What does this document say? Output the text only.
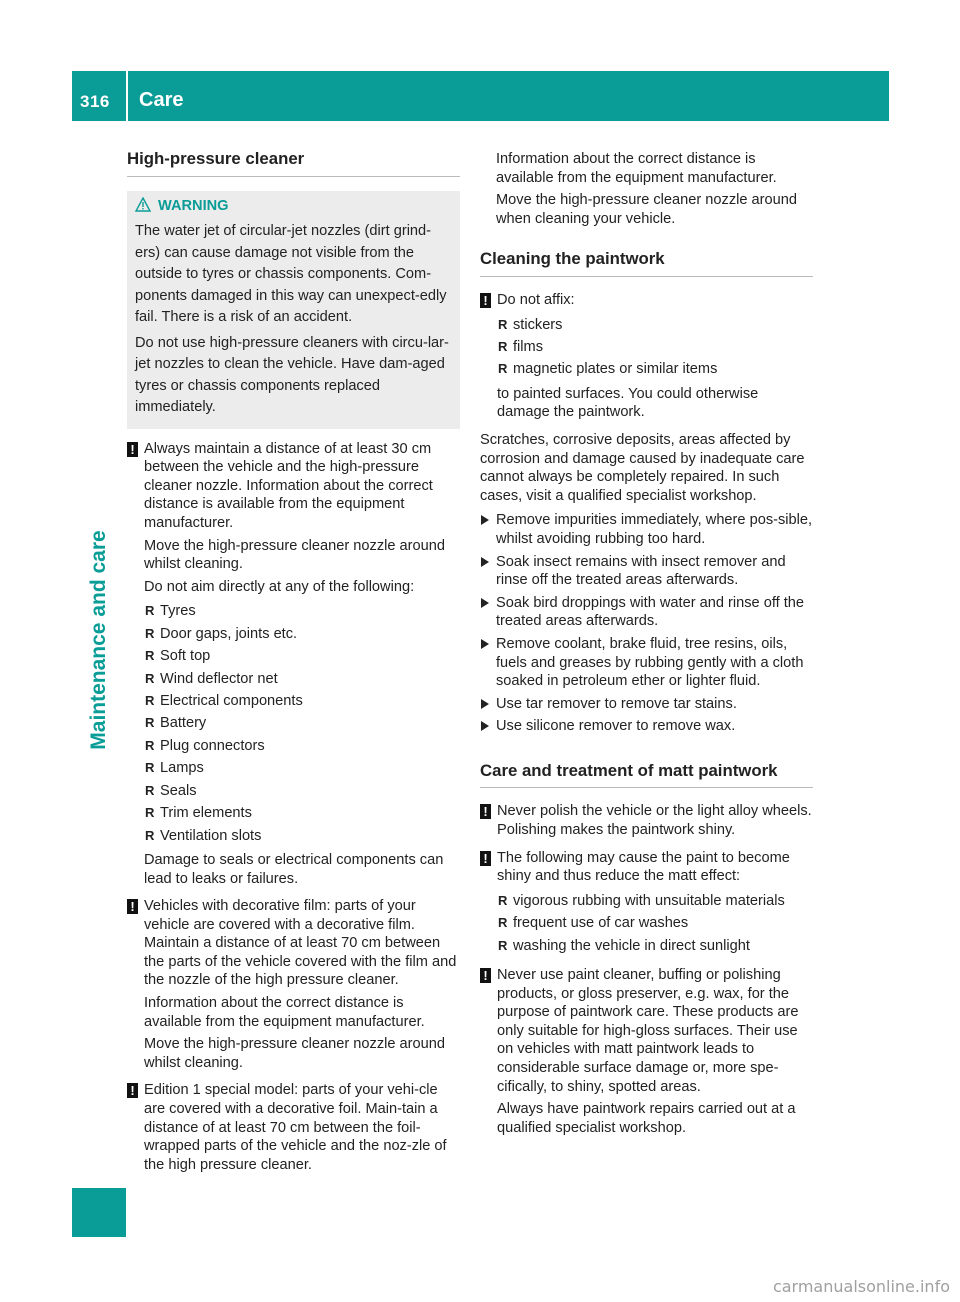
316	Care
Maintenance and care
High-pressure cleaner
WARNING

The water jet of circular-jet nozzles (dirt grind-ers) can cause damage not visible from the outside to tyres or chassis components. Com-ponents damaged in this way can unexpect-edly fail. There is a risk of an accident.

Do not use high-pressure cleaners with circu-lar-jet nozzles to clean the vehicle. Have dam-aged tyres or chassis components replaced immediately.

! Always maintain a distance of at least 30 cm between the vehicle and the high-pressure cleaner nozzle. Information about the correct distance is available from the equipment manufacturer.

Move the high-pressure cleaner nozzle around whilst cleaning.

Do not aim directly at any of the following:

R Tyres
R Door gaps, joints etc.
R Soft top
R Wind deflector net
R Electrical components
R Battery
R Plug connectors
R Lamps
R Seals
R Trim elements
R Ventilation slots

Damage to seals or electrical components can lead to leaks or failures.

! Vehicles with decorative film: parts of your vehicle are covered with a decorative film. Maintain a distance of at least 70 cm between the parts of the vehicle covered with the film and the nozzle of the high pressure cleaner.

Information about the correct distance is available from the equipment manufacturer.

Move the high-pressure cleaner nozzle around whilst cleaning.

! Edition 1 special model: parts of your vehi-cle are covered with a decorative foil. Main-tain a distance of at least 70 cm between the foil-wrapped parts of the vehicle and the noz-zle of the high pressure cleaner.

Information about the correct distance is available from the equipment manufacturer.

Move the high-pressure cleaner nozzle around when cleaning your vehicle.

Cleaning the paintwork
! Do not affix:

R stickers
R films
R magnetic plates or similar items

to painted surfaces. You could otherwise damage the paintwork.

Scratches, corrosive deposits, areas affected by corrosion and damage caused by inadequate care cannot always be completely repaired. In such cases, visit a qualified specialist workshop.

Remove impurities immediately, where pos-sible, whilst avoiding rubbing too hard.
Soak insect remains with insect remover and rinse off the treated areas afterwards.
Soak bird droppings with water and rinse off the treated areas afterwards.
Remove coolant, brake fluid, tree resins, oils, fuels and greases by rubbing gently with a cloth soaked in petroleum ether or lighter fluid.
Use tar remover to remove tar stains.
Use silicone remover to remove wax.
Care and treatment of matt paintwork
! Never polish the vehicle or the light alloy wheels. Polishing makes the paintwork shiny.

! The following may cause the paint to become shiny and thus reduce the matt effect:

R vigorous rubbing with unsuitable materials
R frequent use of car washes
R washing the vehicle in direct sunlight
! Never use paint cleaner, buffing or polishing products, or gloss preserver, e.g. wax, for the purpose of paintwork care. These products are only suitable for high-gloss surfaces. Their use on vehicles with matt paintwork leads to considerable surface damage or, more spe-cifically, to shiny, spotted areas.

Always have paintwork repairs carried out at a qualified specialist workshop.

carmanualsonline.info
